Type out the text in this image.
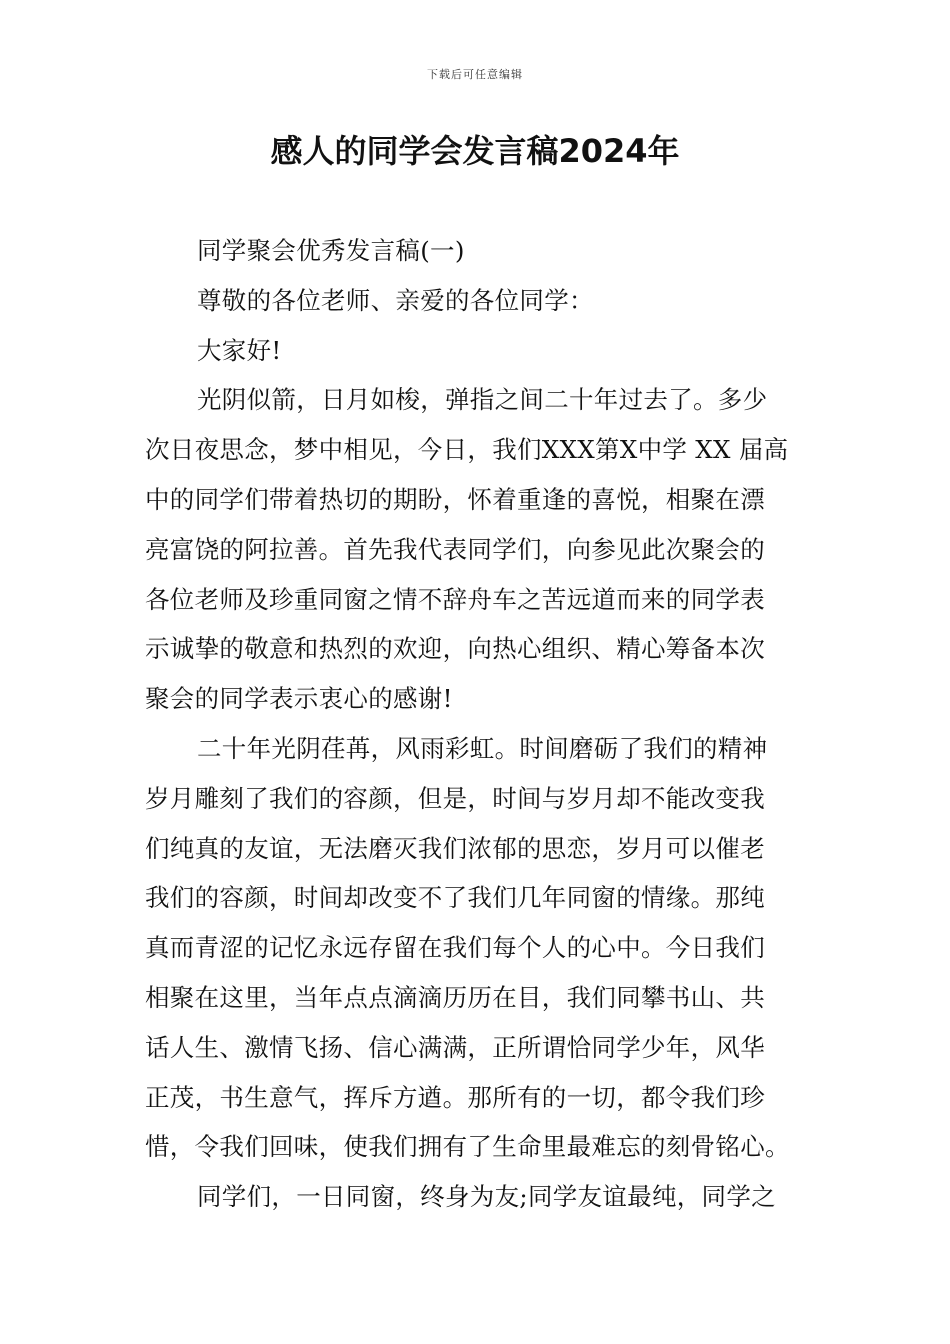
下载后可任意编辑
感人的同学会发言稿2024年
同学聚会优秀发言稿(一)
尊敬的各位老师、亲爱的各位同学：
大家好!
光阴似箭，日月如梭，弹指之间二十年过去了。多少
次日夜思念，梦中相见，今日，我们XXX第X中学 XX 届高
中的同学们带着热切的期盼，怀着重逢的喜悦，相聚在漂
亮富饶的阿拉善。首先我代表同学们，向参见此次聚会的
各位老师及珍重同窗之情不辞舟车之苦远道而来的同学表
示诚挚的敬意和热烈的欢迎，向热心组织、精心筹备本次
聚会的同学表示衷心的感谢!
二十年光阴荏苒，风雨彩虹。时间磨砺了我们的精神
岁月雕刻了我们的容颜，但是，时间与岁月却不能改变我
们纯真的友谊，无法磨灭我们浓郁的思恋，岁月可以催老
我们的容颜，时间却改变不了我们几年同窗的情缘。那纯
真而青涩的记忆永远存留在我们每个人的心中。今日我们
相聚在这里，当年点点滴滴历历在目，我们同攀书山、共
话人生、激情飞扬、信心满满，正所谓恰同学少年，风华
正茂，书生意气，挥斥方遒。那所有的一切，都令我们珍
惜，令我们回味，使我们拥有了生命里最难忘的刻骨铭心。
同学们，一日同窗，终身为友;同学友谊最纯，同学之
